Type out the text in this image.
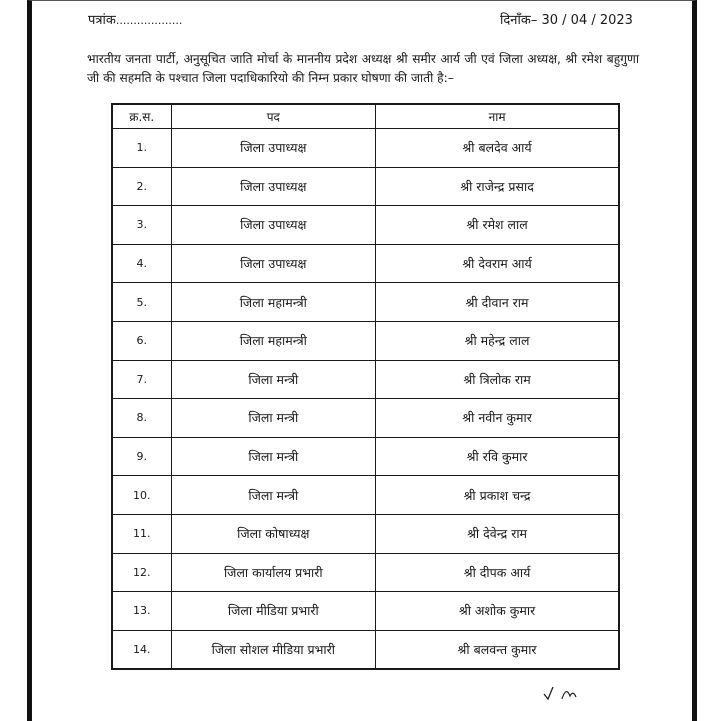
पत्रांक...................	दिनाँक– 30 / 04 / 2023

भारतीय जनता पार्टी, अनुसूचित जाति मोर्चा के माननीय प्रदेश अध्यक्ष श्री समीर आर्य जी एवं जिला अध्यक्ष, श्री रमेश बहुगुणा जी की सहमति के पश्चात जिला पदाधिकारियो की निम्न प्रकार घोषणा की जाती है:–

क्र.स.	पद	नाम
1.	जिला उपाध्यक्ष	श्री बलदेव आर्य
2.	जिला उपाध्यक्ष	श्री राजेन्द्र प्रसाद
3.	जिला उपाध्यक्ष	श्री रमेश लाल
4.	जिला उपाध्यक्ष	श्री देवराम आर्य
5.	जिला महामन्त्री	श्री दीवान राम
6.	जिला महामन्त्री	श्री महेन्द्र लाल
7.	जिला मन्त्री	श्री त्रिलोक राम
8.	जिला मन्त्री	श्री नवीन कुमार
9.	जिला मन्त्री	श्री रवि कुमार
10.	जिला मन्त्री	श्री प्रकाश चन्द्र
11.	जिला कोषाध्यक्ष	श्री देवेन्द्र राम
12.	जिला कार्यालय प्रभारी	श्री दीपक आर्य
13.	जिला मीडिया प्रभारी	श्री अशोक कुमार
14.	जिला सोशल मीडिया प्रभारी	श्री बलवन्त कुमार
